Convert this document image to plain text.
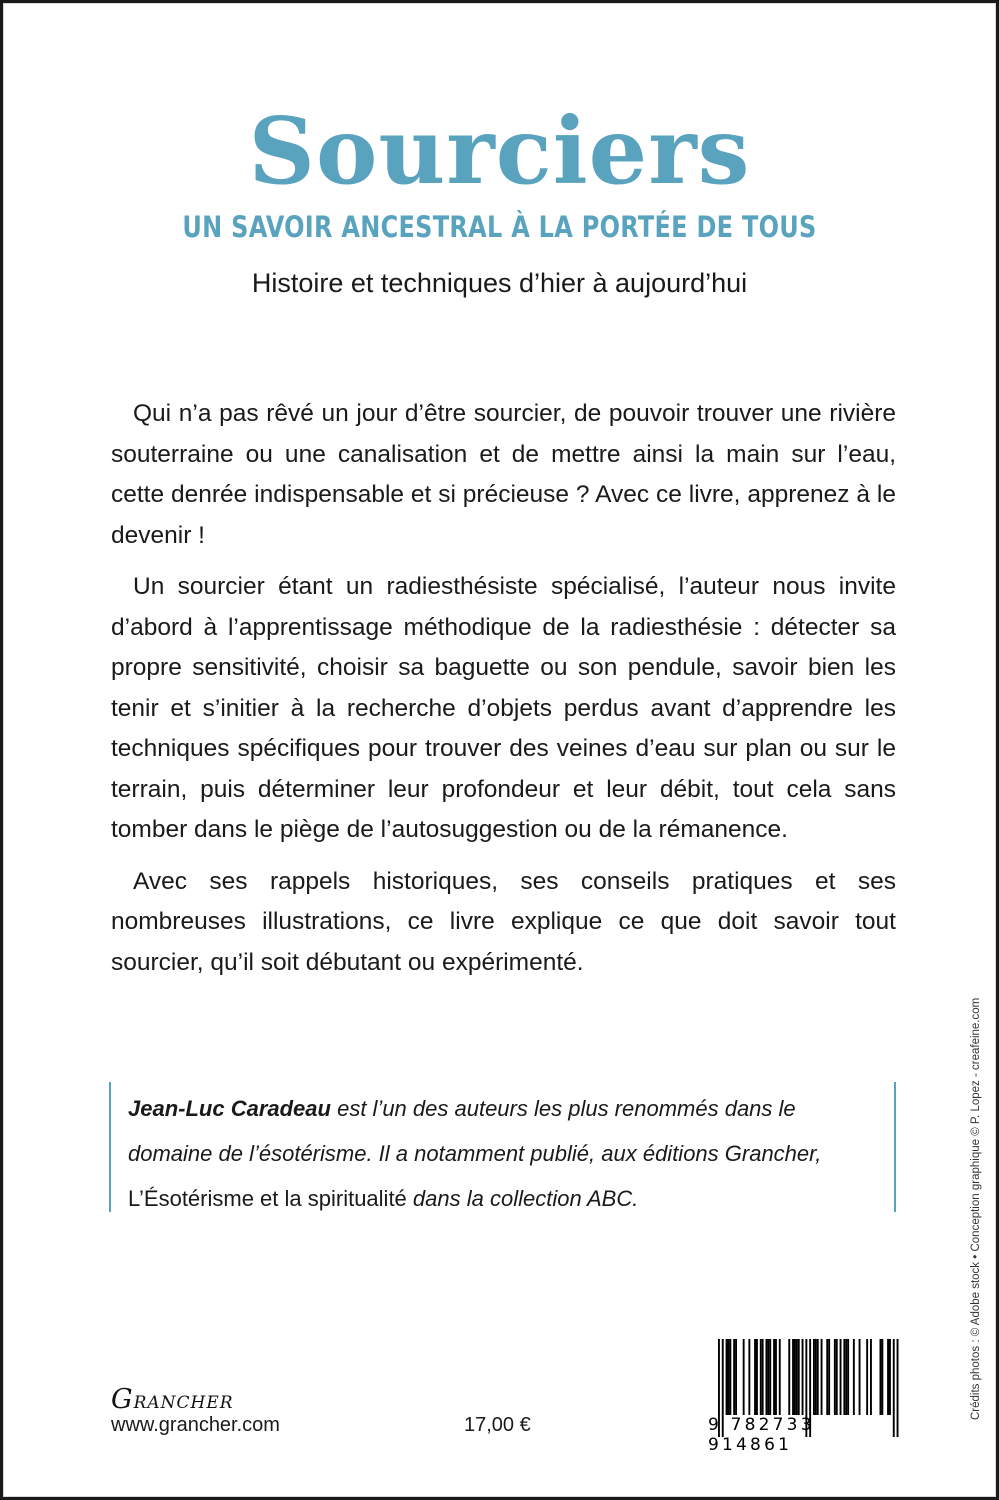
Sourciers
UN SAVOIR ANCESTRAL À LA PORTÉE DE TOUS
Histoire et techniques d’hier à aujourd’hui

Qui n’a pas rêvé un jour d’être sourcier, de pouvoir trouver une rivière souterraine ou une canalisation et de mettre ainsi la main sur l’eau, cette denrée indispensable et si précieuse ? Avec ce livre, apprenez à le devenir !

Un sourcier étant un radiesthésiste spécialisé, l’auteur nous invite d’abord à l’apprentissage méthodique de la radiesthésie : détecter sa propre sensitivité, choisir sa baguette ou son pendule, savoir bien les tenir et s’initier à la recherche d’objets perdus avant d’apprendre les techniques spécifiques pour trouver des veines d’eau sur plan ou sur le terrain, puis déterminer leur profondeur et leur débit, tout cela sans tomber dans le piège de l’autosuggestion ou de la rémanence.

Avec ses rappels historiques, ses conseils pratiques et ses nombreuses illustrations, ce livre explique ce que doit savoir tout sourcier, qu’il soit débutant ou expérimenté.

Jean-Luc Caradeau est l’un des auteurs les plus renommés dans le domaine de l’ésotérisme. Il a notamment publié, aux éditions Grancher, L’Ésotérisme et la spiritualité dans la collection ABC.
GRANCHER
www.grancher.com	17,00 €	9 782733 914861
Crédits photos : © Adobe stock • Conception graphique © P. Lopez - creafeine.com
